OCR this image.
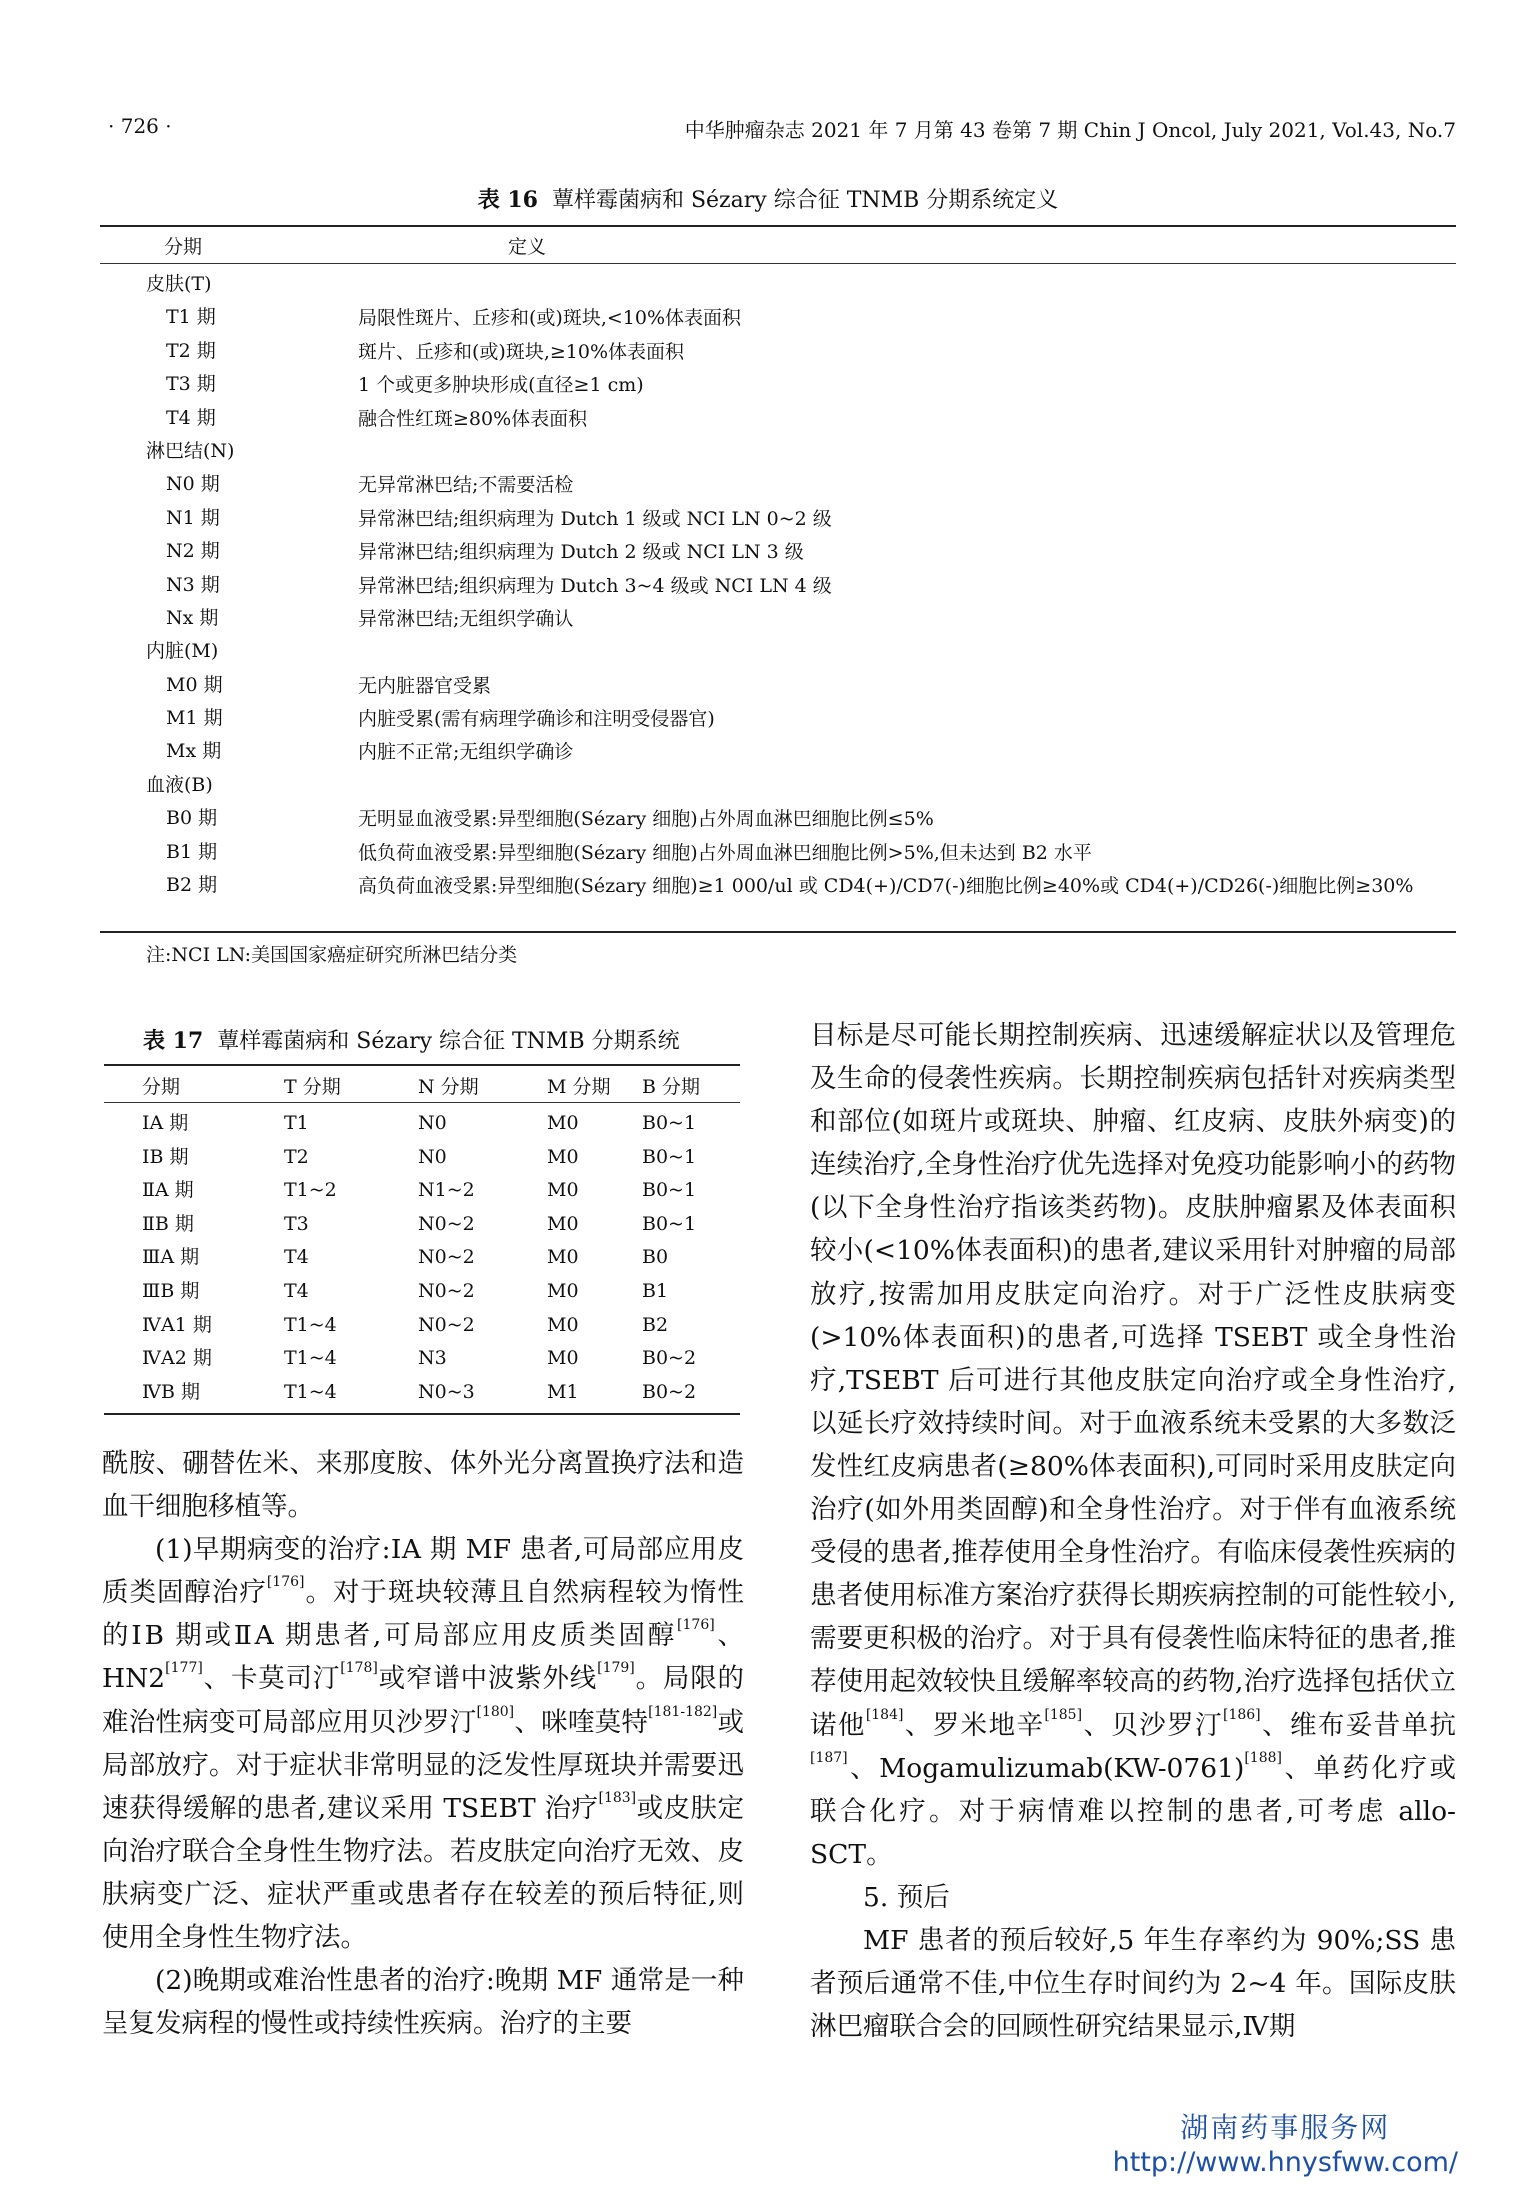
· 726 ·	中华肿瘤杂志 2021 年 7 月第 43 卷第 7 期 Chin J Oncol, July 2021, Vol.43, No.7
表 16 蕈样霉菌病和 Sézary 综合征 TNMB 分期系统定义
分期	定义
皮肤(T)
T1 期	局限性斑片、丘疹和(或)斑块,<10%体表面积
T2 期	斑片、丘疹和(或)斑块,≥10%体表面积
T3 期	1 个或更多肿块形成(直径≥1 cm)
T4 期	融合性红斑≥80%体表面积
淋巴结(N)
N0 期	无异常淋巴结;不需要活检
N1 期	异常淋巴结;组织病理为 Dutch 1 级或 NCI LN 0~2 级
N2 期	异常淋巴结;组织病理为 Dutch 2 级或 NCI LN 3 级
N3 期	异常淋巴结;组织病理为 Dutch 3~4 级或 NCI LN 4 级
Nx 期	异常淋巴结;无组织学确认
内脏(M)
M0 期	无内脏器官受累
M1 期	内脏受累(需有病理学确诊和注明受侵器官)
Mx 期	内脏不正常;无组织学确诊
血液(B)
B0 期	无明显血液受累:异型细胞(Sézary 细胞)占外周血淋巴细胞比例≤5%
B1 期	低负荷血液受累:异型细胞(Sézary 细胞)占外周血淋巴细胞比例>5%,但未达到 B2 水平
B2 期	高负荷血液受累:异型细胞(Sézary 细胞)≥1 000/ul 或 CD4(+)/CD7(-)细胞比例≥40%或 CD4(+)/CD26(-)细胞比例≥30%
注:NCI LN:美国国家癌症研究所淋巴结分类
表 17 蕈样霉菌病和 Sézary 综合征 TNMB 分期系统
分期	T 分期	N 分期	M 分期 B 分期
ⅠA 期	T1	N0	M0	B0~1
ⅠB 期	T2	N0	M0	B0~1
ⅡA 期	T1~2	N1~2	M0	B0~1
ⅡB 期	T3	N0~2	M0	B0~1
ⅢA 期	T4	N0~2	M0	B0
ⅢB 期	T4	N0~2	M0	B1
ⅣA1 期	T1~4	N0~2	M0	B2
ⅣA2 期	T1~4	N3	M0	B0~2
ⅣB 期	T1~4	N0~3	M1	B0~2

酰胺、硼替佐米、来那度胺、体外光分离置换疗法和造血干细胞移植等。

(1)早期病变的治疗:ⅠA 期 MF 患者,可局部应用皮质类固醇治疗[176]。对于斑块较薄且自然病程较为惰性的ⅠB 期或ⅡA 期患者,可局部应用皮质类固醇[176]、HN2[177]、卡莫司汀[178]或窄谱中波紫外线[179]。局限的难治性病变可局部应用贝沙罗汀[180]、咪喹莫特[181-182]或局部放疗。对于症状非常明显的泛发性厚斑块并需要迅速获得缓解的患者,建议采用 TSEBT 治疗[183]或皮肤定向治疗联合全身性生物疗法。若皮肤定向治疗无效、皮肤病变广泛、症状严重或患者存在较差的预后特征,则使用全身性生物疗法。

(2)晚期或难治性患者的治疗:晚期 MF 通常是一种呈复发病程的慢性或持续性疾病。治疗的主要

目标是尽可能长期控制疾病、迅速缓解症状以及管理危及生命的侵袭性疾病。长期控制疾病包括针对疾病类型和部位(如斑片或斑块、肿瘤、红皮病、皮肤外病变)的连续治疗,全身性治疗优先选择对免疫功能影响小的药物(以下全身性治疗指该类药物)。皮肤肿瘤累及体表面积较小(<10%体表面积)的患者,建议采用针对肿瘤的局部放疗,按需加用皮肤定向治疗。对于广泛性皮肤病变(>10%体表面积)的患者,可选择 TSEBT 或全身性治疗,TSEBT 后可进行其他皮肤定向治疗或全身性治疗,以延长疗效持续时间。对于血液系统未受累的大多数泛发性红皮病患者(≥80%体表面积),可同时采用皮肤定向治疗(如外用类固醇)和全身性治疗。对于伴有血液系统受侵的患者,推荐使用全身性治疗。有临床侵袭性疾病的患者使用标准方案治疗获得长期疾病控制的可能性较小,需要更积极的治疗。对于具有侵袭性临床特征的患者,推荐使用起效较快且缓解率较高的药物,治疗选择包括伏立诺他[184]、罗米地辛[185]、贝沙罗汀[186]、维布妥昔单抗[187]、Mogamulizumab(KW-0761)[188]、单药化疗或联合化疗。对于病情难以控制的患者,可考虑 allo-SCT。

5. 预后

MF 患者的预后较好,5 年生存率约为 90%;SS 患者预后通常不佳,中位生存时间约为 2~4 年。国际皮肤淋巴瘤联合会的回顾性研究结果显示,Ⅳ期

湖南药事服务网
http://www.hnysfww.com/
